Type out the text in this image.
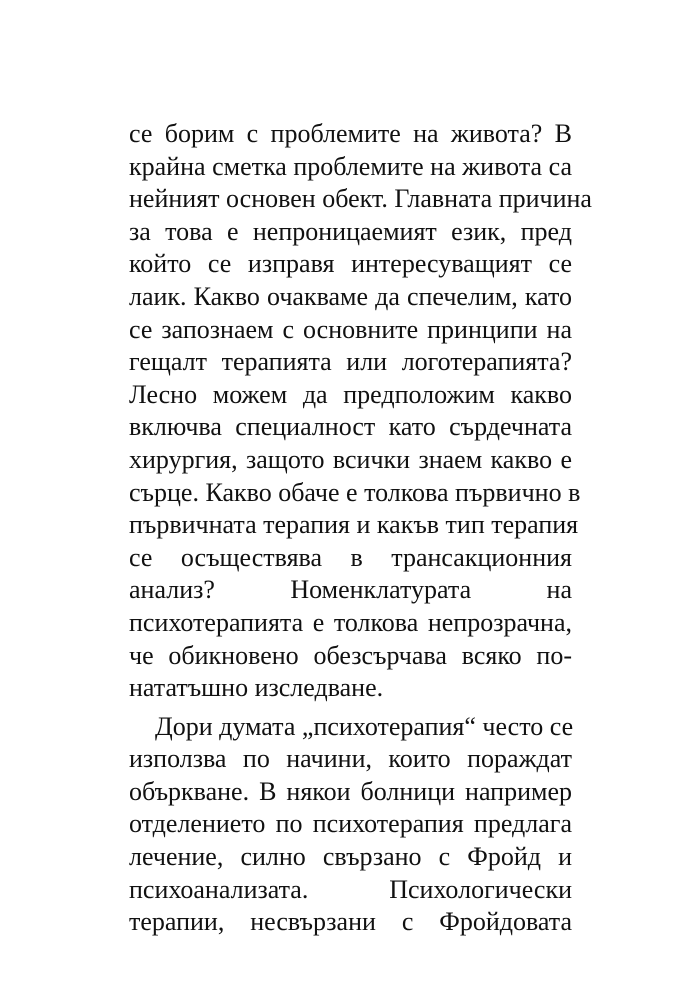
се борим с проблемите на живота? В
крайна сметка проблемите на живота са
нейният основен обект. Главната причина
за това е непроницаемият език, пред
който се изправя интересуващият се
лаик. Какво очакваме да спечелим, като
се запознаем с основните принципи на
гещалт терапията или логотерапията?
Лесно можем да предположим какво
включва специалност като сърдечната
хирургия, защото всички знаем какво е
сърце. Какво обаче е толкова първично в
първичната терапия и какъв тип терапия
се осъществява в трансакционния
анализ? Номенклатурата на
психотерапията е толкова непрозрачна,
че обикновено обезсърчава всяко по-
нататъшно изследване.
Дори думата „психотерапия“ често се
използва по начини, които пораждат
объркване. В някои болници например
отделението по психотерапия предлага
лечение, силно свързано с Фройд и
психоанализата. Психологически
терапии, несвързани с Фройдовата
